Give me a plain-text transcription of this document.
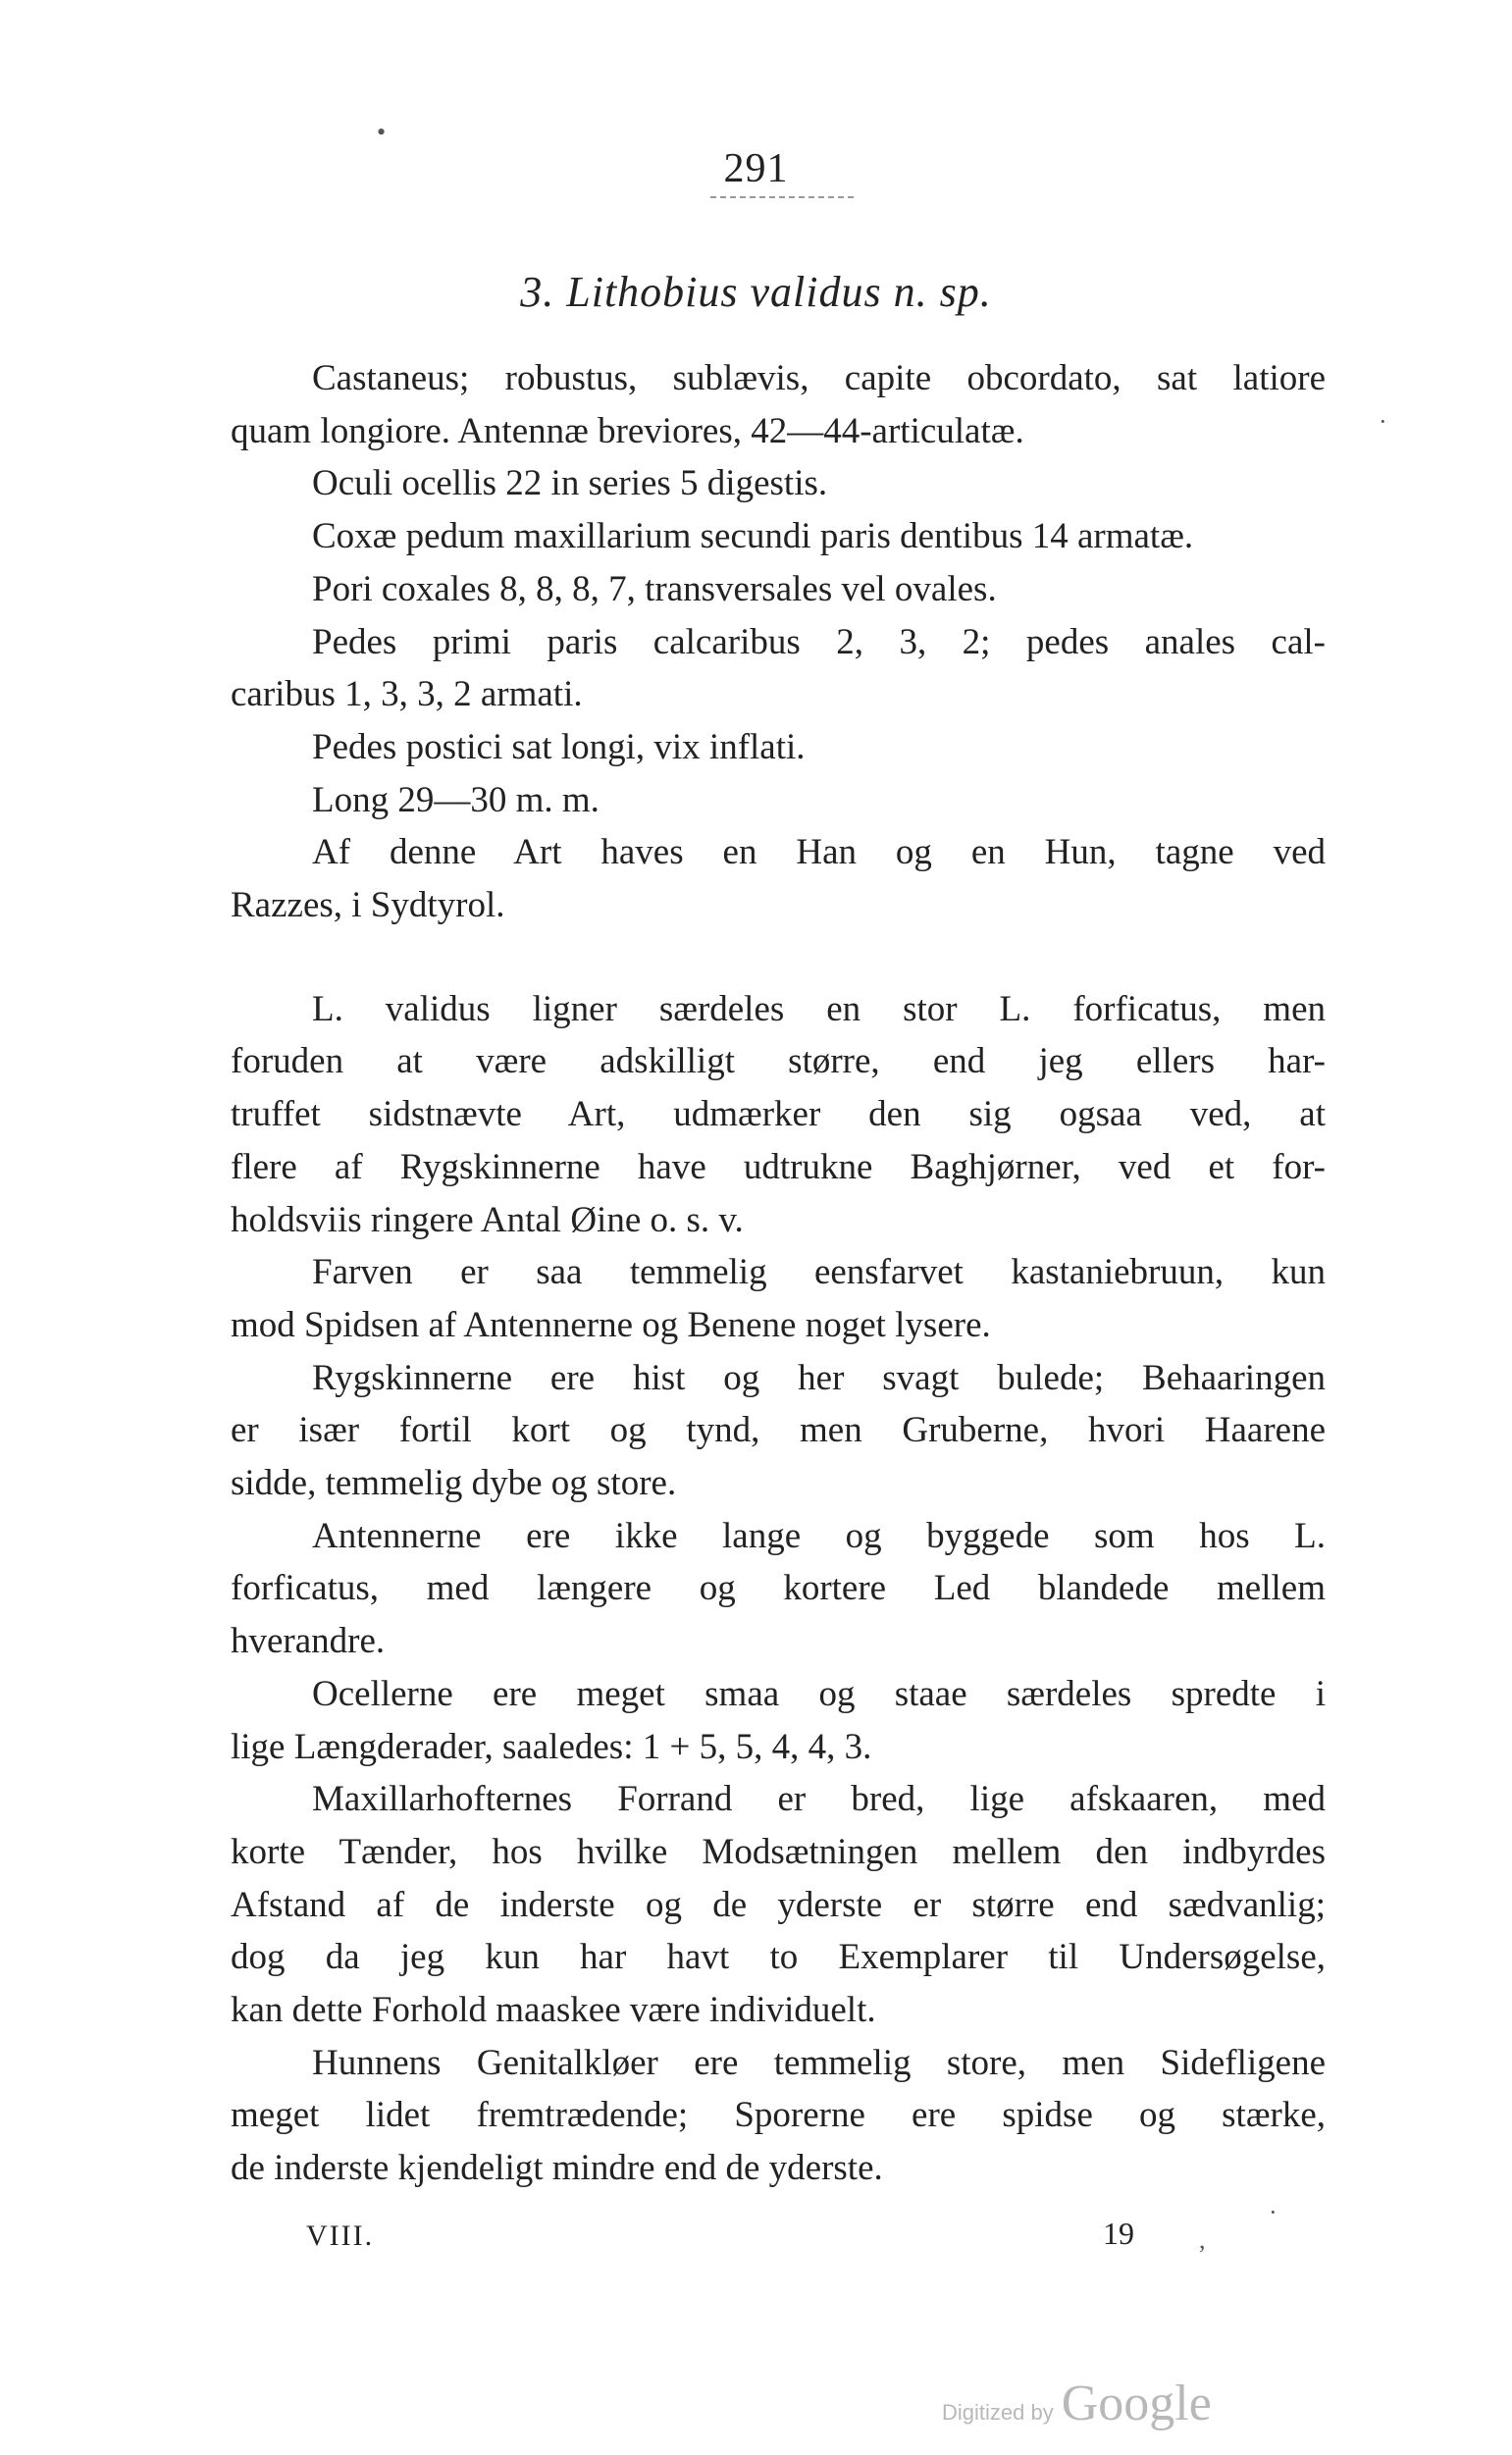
291
3. Lithobius validus n. sp.
Castaneus; robustus, sublævis, capite obcordato, sat latiore
quam longiore. Antennæ breviores, 42—44-articulatæ.
Oculi ocellis 22 in series 5 digestis.
Coxæ pedum maxillarium secundi paris dentibus 14 armatæ.
Pori coxales 8, 8, 8, 7, transversales vel ovales.
Pedes primi paris calcaribus 2, 3, 2; pedes anales cal-
caribus 1, 3, 3, 2 armati.
Pedes postici sat longi, vix inflati.
Long 29—30 m. m.
Af denne Art haves en Han og en Hun, tagne ved
Razzes, i Sydtyrol.
L. validus ligner særdeles en stor L. forficatus, men
foruden at være adskilligt større, end jeg ellers har-
truffet sidstnævte Art, udmærker den sig ogsaa ved, at
flere af Rygskinnerne have udtrukne Baghjørner, ved et for-
holdsviis ringere Antal Øine o. s. v.
Farven er saa temmelig eensfarvet kastaniebruun, kun
mod Spidsen af Antennerne og Benene noget lysere.
Rygskinnerne ere hist og her svagt bulede; Behaaringen
er især fortil kort og tynd, men Gruberne, hvori Haarene
sidde, temmelig dybe og store.
Antennerne ere ikke lange og byggede som hos L.
forficatus, med længere og kortere Led blandede mellem
hverandre.
Ocellerne ere meget smaa og staae særdeles spredte i
lige Længderader, saaledes: 1 + 5, 5, 4, 4, 3.
Maxillarhofternes Forrand er bred, lige afskaaren, med
korte Tænder, hos hvilke Modsætningen mellem den indbyrdes
Afstand af de inderste og de yderste er større end sædvanlig;
dog da jeg kun har havt to Exemplarer til Undersøgelse,
kan dette Forhold maaskee være individuelt.
Hunnens Genitalkløer ere temmelig store, men Sidefligene
meget lidet fremtrædende; Sporerne ere spidse og stærke,
de inderste kjendeligt mindre end de yderste.
VIII.	19
•
·
,
·
Digitized by Google
